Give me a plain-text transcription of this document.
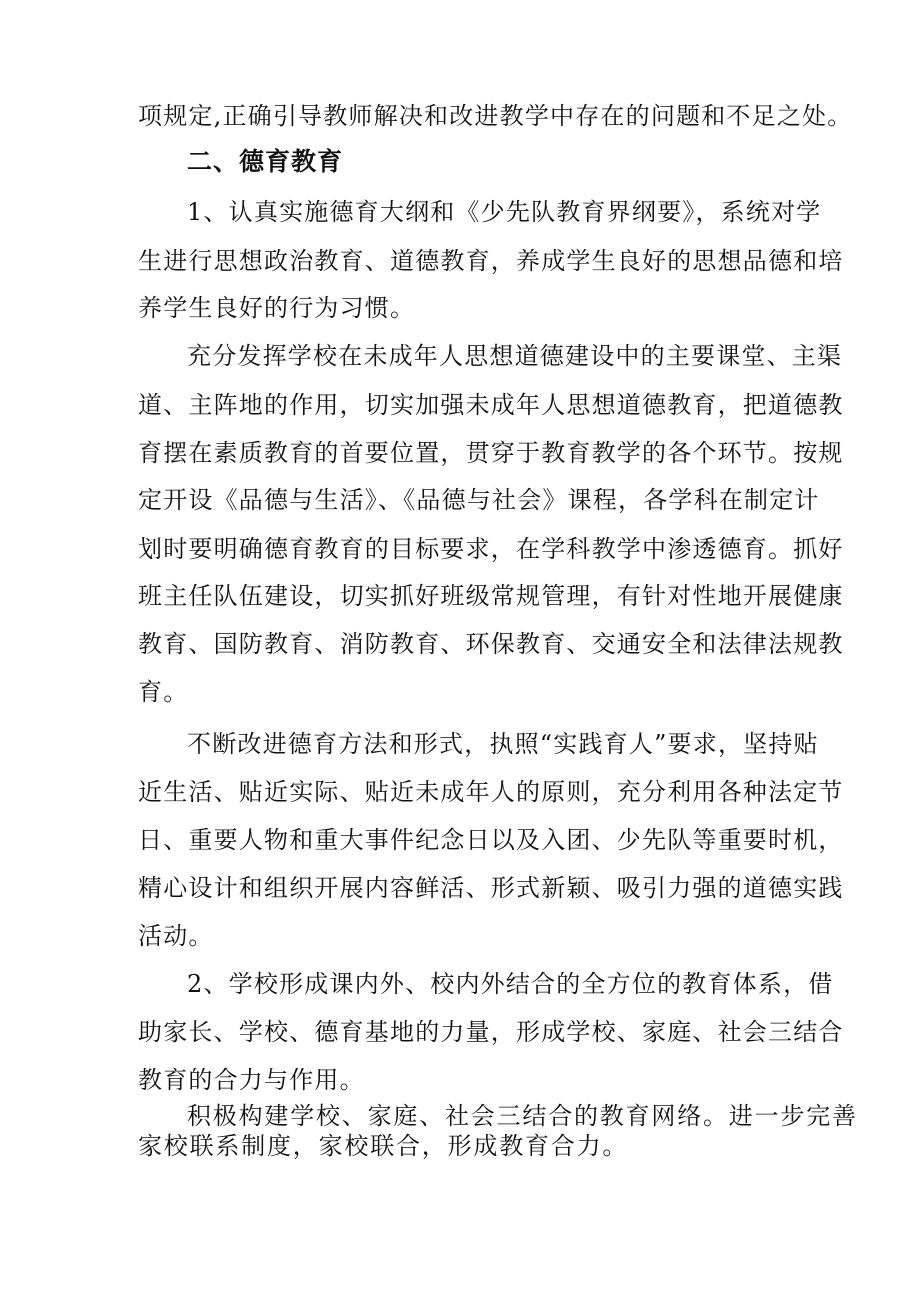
项规定,正确引导教师解决和改进教学中存在的问题和不足之处。
二、德育教育
1、认真实施德育大纲和《少先队教育界纲要》，系统对学
生进行思想政治教育、道德教育，养成学生良好的思想品德和培
养学生良好的行为习惯。
充分发挥学校在未成年人思想道德建设中的主要课堂、主渠
道、主阵地的作用，切实加强未成年人思想道德教育，把道德教
育摆在素质教育的首要位置，贯穿于教育教学的各个环节。按规
定开设《品德与生活》、《品德与社会》课程，各学科在制定计
划时要明确德育教育的目标要求，在学科教学中渗透德育。抓好
班主任队伍建设，切实抓好班级常规管理，有针对性地开展健康
教育、国防教育、消防教育、环保教育、交通安全和法律法规教
育。
不断改进德育方法和形式，执照“实践育人”要求，坚持贴
近生活、贴近实际、贴近未成年人的原则，充分利用各种法定节
日、重要人物和重大事件纪念日以及入团、少先队等重要时机，
精心设计和组织开展内容鲜活、形式新颖、吸引力强的道德实践
活动。
2、学校形成课内外、校内外结合的全方位的教育体系，借
助家长、学校、德育基地的力量，形成学校、家庭、社会三结合
教育的合力与作用。
积极构建学校、家庭、社会三结合的教育网络。进一步完善
家校联系制度，家校联合，形成教育合力。
